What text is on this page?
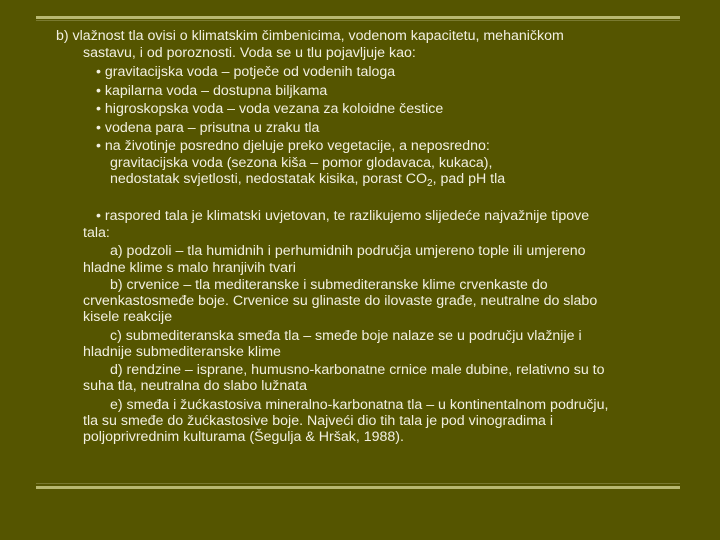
b) vlažnost tla ovisi o klimatskim čimbenicima, vodenom kapacitetu, mehaničkom
sastavu, i od poroznosti. Voda se u tlu pojavljuje kao:
• gravitacijska voda – potječe od vodenih taloga
• kapilarna voda – dostupna biljkama
• higroskopska voda – voda vezana za koloidne čestice
• vodena para – prisutna u zraku tla
• na životinje posredno djeluje preko vegetacije, a neposredno:
gravitacijska voda (sezona kiša – pomor glodavaca, kukaca),
nedostatak svjetlosti, nedostatak kisika, porast $CO_2$, pad pH tla
• raspored tala je klimatski uvjetovan, te razlikujemo slijedeće najvažnije tipove
tala:
a) podzoli – tla humidnih i perhumidnih područja umjereno tople ili umjereno
hladne klime s malo hranjivih tvari
b) crvenice – tla mediteranske i submediteranske klime crvenkaste do
crvenkastosmeđe boje. Crvenice su glinaste do ilovaste građe, neutralne do slabo
kisele reakcije
c) submediteranska smeđa tla – smeđe boje nalaze se u području vlažnije i
hladnije submediteranske klime
d) rendzine – isprane, humusno-karbonatne crnice male dubine, relativno su to
suha tla, neutralna do slabo lužnata
e) smeđa i žućkastosiva mineralno-karbonatna tla – u kontinentalnom području,
tla su smeđe do žućkastosive boje. Najveći dio tih tala je pod vinogradima i
poljoprivrednim kulturama (Šegulja & Hršak, 1988).
